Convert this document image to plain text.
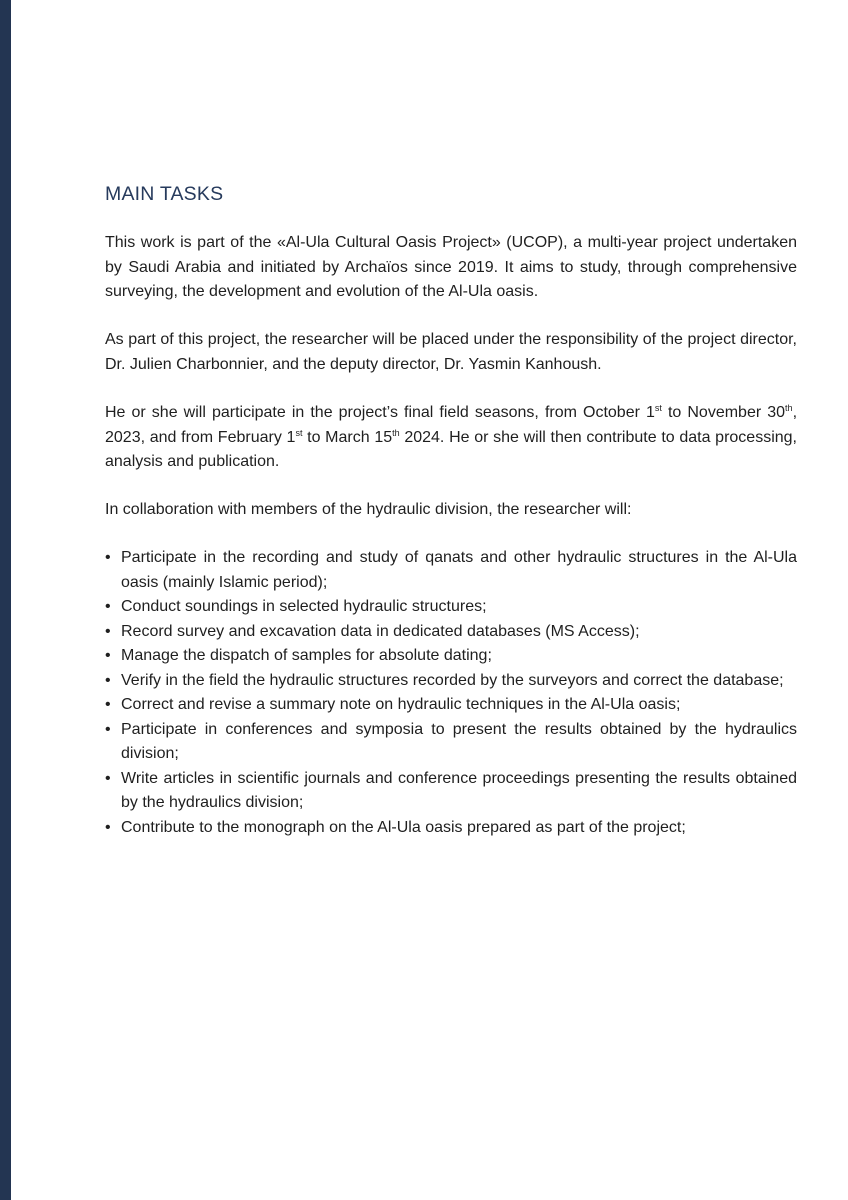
MAIN TASKS

This work is part of the «Al-Ula Cultural Oasis Project» (UCOP), a multi-year project undertaken by Saudi Arabia and initiated by Archaïos since 2019. It aims to study, through comprehensive surveying, the development and evolution of the Al-Ula oasis.

As part of this project, the researcher will be placed under the responsibility of the project director, Dr. Julien Charbonnier, and the deputy director, Dr. Yasmin Kanhoush.

He or she will participate in the project’s final field seasons, from October 1st to November 30th, 2023, and from February 1st to March 15th 2024. He or she will then contribute to data processing, analysis and publication.

In collaboration with members of the hydraulic division, the researcher will:

• Participate in the recording and study of qanats and other hydraulic structures in the Al-Ula oasis (mainly Islamic period);
• Conduct soundings in selected hydraulic structures;
• Record survey and excavation data in dedicated databases (MS Access);
• Manage the dispatch of samples for absolute dating;
• Verify in the field the hydraulic structures recorded by the surveyors and correct the database;
• Correct and revise a summary note on hydraulic techniques in the Al-Ula oasis;
• Participate in conferences and symposia to present the results obtained by the hydraulics division;
• Write articles in scientific journals and conference proceedings presenting the results obtained by the hydraulics division;
• Contribute to the monograph on the Al-Ula oasis prepared as part of the project;
